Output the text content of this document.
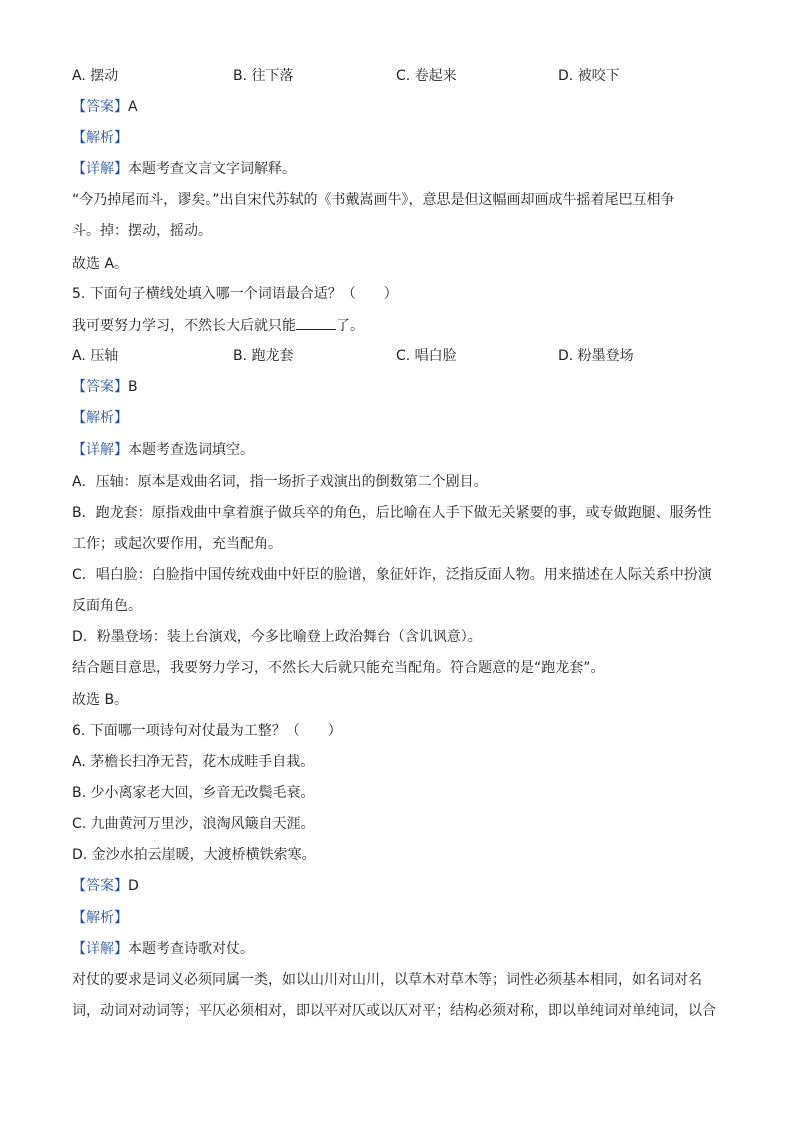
A. 摆动	B. 往下落	C. 卷起来	D. 被咬下
【答案】A
【解析】
【详解】本题考查文言文字词解释。
“今乃掉尾而斗，谬矣。”出自宋代苏轼的《书戴嵩画牛》，意思是但这幅画却画成牛摇着尾巴互相争
斗。掉：摆动，摇动。
故选 A。
5. 下面句子横线处填入哪一个词语最合适？（　　）
我可要努力学习，不然长大后就只能	了。
A. 压轴	B. 跑龙套	C. 唱白脸	D. 粉墨登场
【答案】B
【解析】
【详解】本题考查选词填空。
A．压轴：原本是戏曲名词，指一场折子戏演出的倒数第二个剧目。
B．跑龙套：原指戏曲中拿着旗子做兵卒的角色，后比喻在人手下做无关紧要的事，或专做跑腿、服务性
工作；或起次要作用，充当配角。
C．唱白脸：白脸指中国传统戏曲中奸臣的脸谱，象征奸诈，泛指反面人物。用来描述在人际关系中扮演
反面角色。
D．粉墨登场：装上台演戏，今多比喻登上政治舞台（含讥讽意）。
结合题目意思，我要努力学习，不然长大后就只能充当配角。符合题意的是“跑龙套”。
故选 B。
6. 下面哪一项诗句对仗最为工整？（　　）
A. 茅檐长扫净无苔，花木成畦手自栽。
B. 少小离家老大回，乡音无改鬓毛衰。
C. 九曲黄河万里沙，浪淘风簸自天涯。
D. 金沙水拍云崖暖，大渡桥横铁索寒。
【答案】D
【解析】
【详解】本题考查诗歌对仗。
对仗的要求是词义必须同属一类，如以山川对山川，以草木对草木等；词性必须基本相同，如名词对名
词，动词对动词等；平仄必须相对，即以平对仄或以仄对平；结构必须对称，即以单纯词对单纯词，以合
